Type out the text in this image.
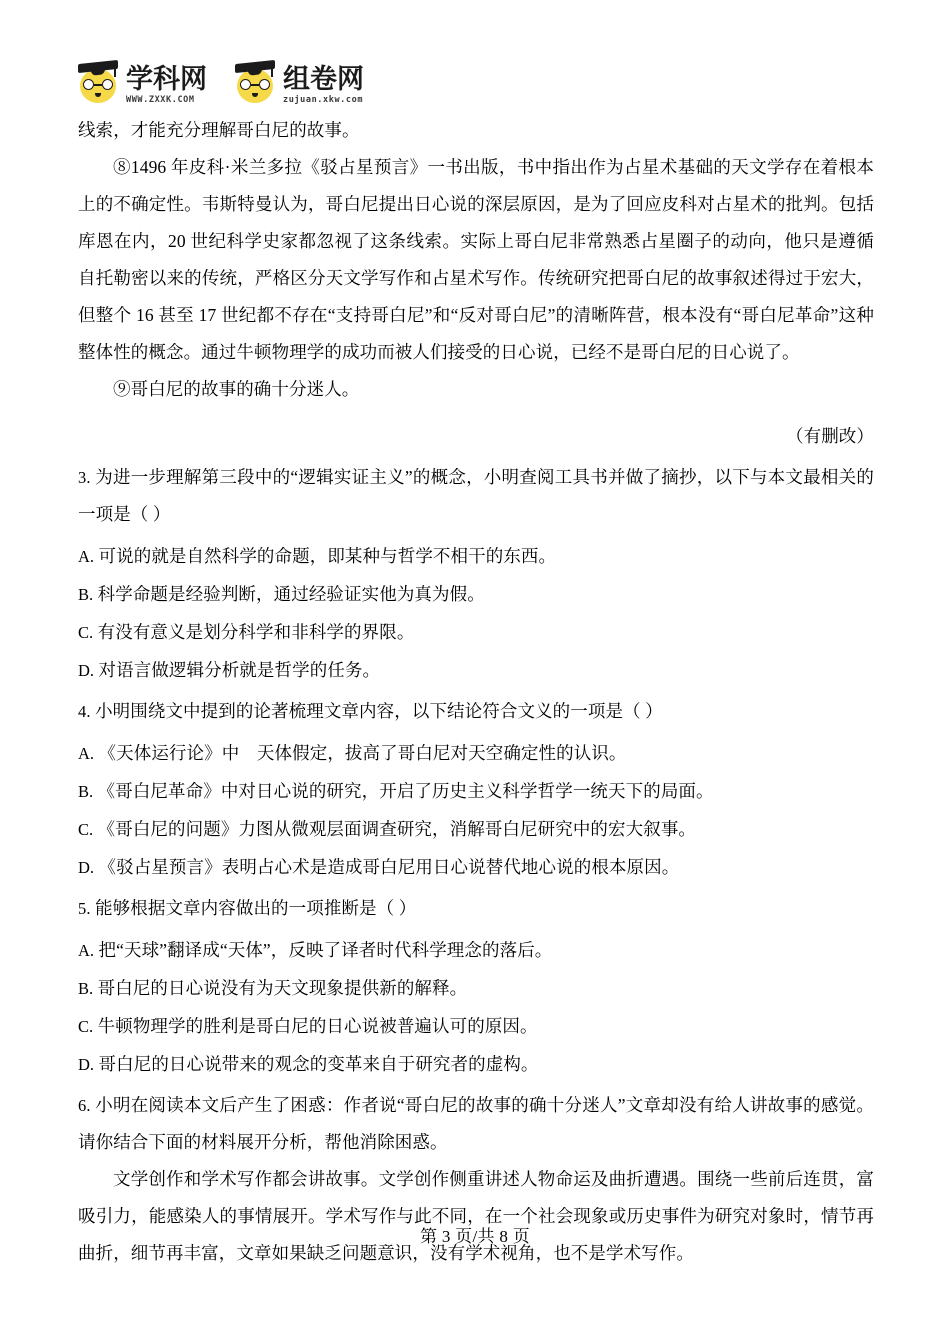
学科网
WWW.ZXXK.COM
组卷网
zujuan.xkw.com

线索，才能充分理解哥白尼的故事。

⑧1496 年皮科·米兰多拉《驳占星预言》一书出版，书中指出作为占星术基础的天文学存在着根本上的不确定性。韦斯特曼认为，哥白尼提出日心说的深层原因，是为了回应皮科对占星术的批判。包括库恩在内，20 世纪科学史家都忽视了这条线索。实际上哥白尼非常熟悉占星圈子的动向，他只是遵循自托勒密以来的传统，严格区分天文学写作和占星术写作。传统研究把哥白尼的故事叙述得过于宏大，但整个 16 甚至 17 世纪都不存在“支持哥白尼”和“反对哥白尼”的清晰阵营，根本没有“哥白尼革命”这种整体性的概念。通过牛顿物理学的成功而被人们接受的日心说，已经不是哥白尼的日心说了。

⑨哥白尼的故事的确十分迷人。

（有删改）

3. 为进一步理解第三段中的“逻辑实证主义”的概念，小明查阅工具书并做了摘抄，以下与本文最相关的一项是（ ）

A. 可说的就是自然科学的命题，即某种与哲学不相干的东西。

B. 科学命题是经验判断，通过经验证实他为真为假。

C. 有没有意义是划分科学和非科学的界限。

D. 对语言做逻辑分析就是哲学的任务。

4. 小明围绕文中提到的论著梳理文章内容，以下结论符合文义的一项是（ ）

A. 《天体运行论》中　天体假定，拔高了哥白尼对天空确定性的认识。

B. 《哥白尼革命》中对日心说的研究，开启了历史主义科学哲学一统天下的局面。

C. 《哥白尼的问题》力图从微观层面调查研究，消解哥白尼研究中的宏大叙事。

D. 《驳占星预言》表明占心术是造成哥白尼用日心说替代地心说的根本原因。

5. 能够根据文章内容做出的一项推断是（ ）

A. 把“天球”翻译成“天体”，反映了译者时代科学理念的落后。

B. 哥白尼的日心说没有为天文现象提供新的解释。

C. 牛顿物理学的胜利是哥白尼的日心说被普遍认可的原因。

D. 哥白尼的日心说带来的观念的变革来自于研究者的虚构。

6. 小明在阅读本文后产生了困惑：作者说“哥白尼的故事的确十分迷人”文章却没有给人讲故事的感觉。请你结合下面的材料展开分析，帮他消除困惑。

文学创作和学术写作都会讲故事。文学创作侧重讲述人物命运及曲折遭遇。围绕一些前后连贯，富吸引力，能感染人的事情展开。学术写作与此不同，在一个社会现象或历史事件为研究对象时，情节再曲折，细节再丰富，文章如果缺乏问题意识，没有学术视角，也不是学术写作。

第 3 页/共 8 页
